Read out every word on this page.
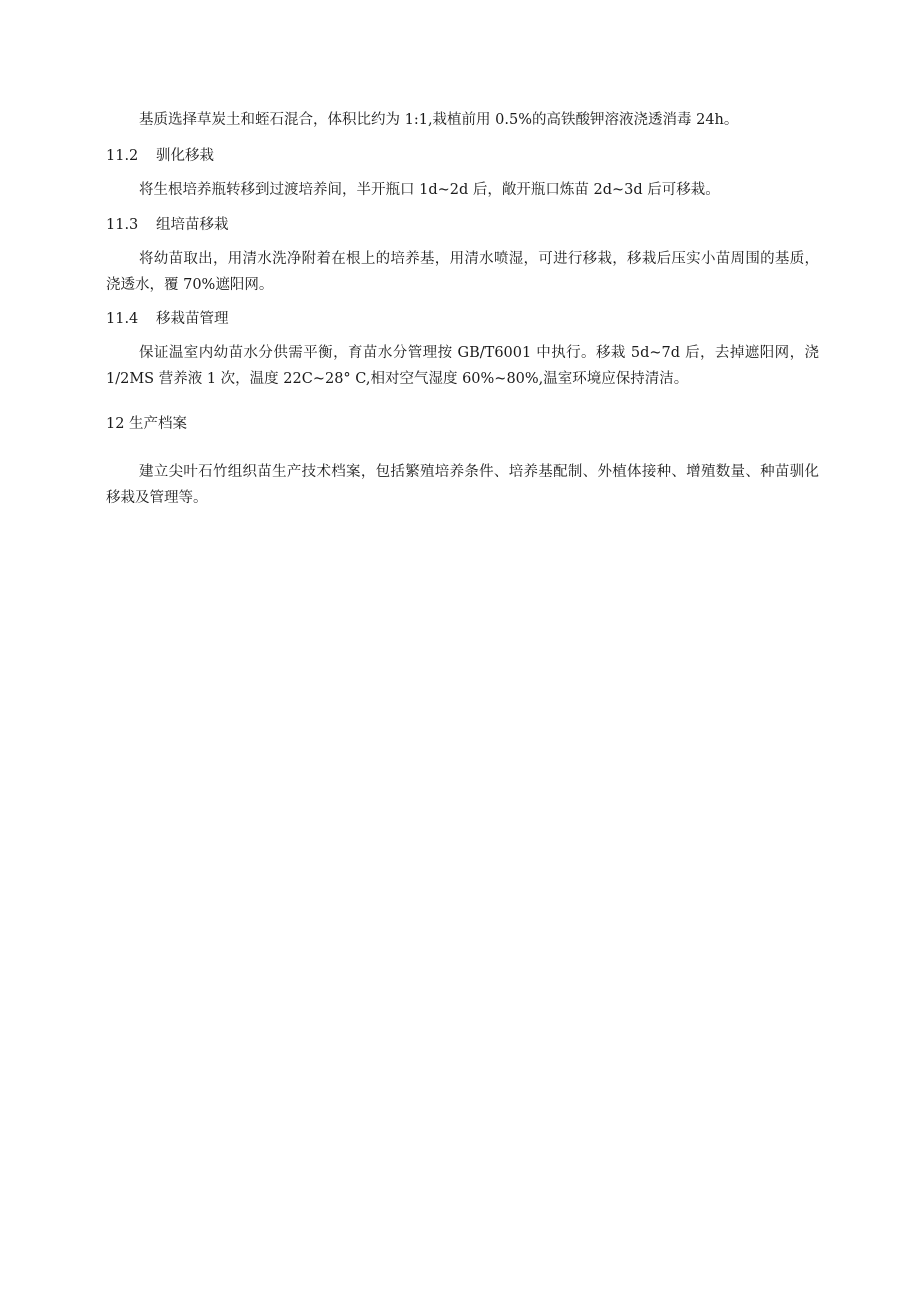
基质选择草炭土和蛭石混合，体积比约为 1:1,栽植前用 0.5%的高铁酸钾溶液浇透消毒 24h。

11.2 驯化移栽

将生根培养瓶转移到过渡培养间，半开瓶口 1d~2d 后，敞开瓶口炼苗 2d~3d 后可移栽。

11.3 组培苗移栽

将幼苗取出，用清水洗净附着在根上的培养基，用清水喷湿，可进行移栽，移栽后压实小苗周围的基质，浇透水，覆 70%遮阳网。

11.4 移栽苗管理

保证温室内幼苗水分供需平衡，育苗水分管理按 GB/T6001 中执行。移栽 5d~7d 后，去掉遮阳网，浇 1/2MS 营养液 1 次，温度 22C~28° C,相对空气湿度 60%~80%,温室环境应保持清洁。

12 生产档案

建立尖叶石竹组织苗生产技术档案，包括繁殖培养条件、培养基配制、外植体接种、增殖数量、种苗驯化移栽及管理等。
